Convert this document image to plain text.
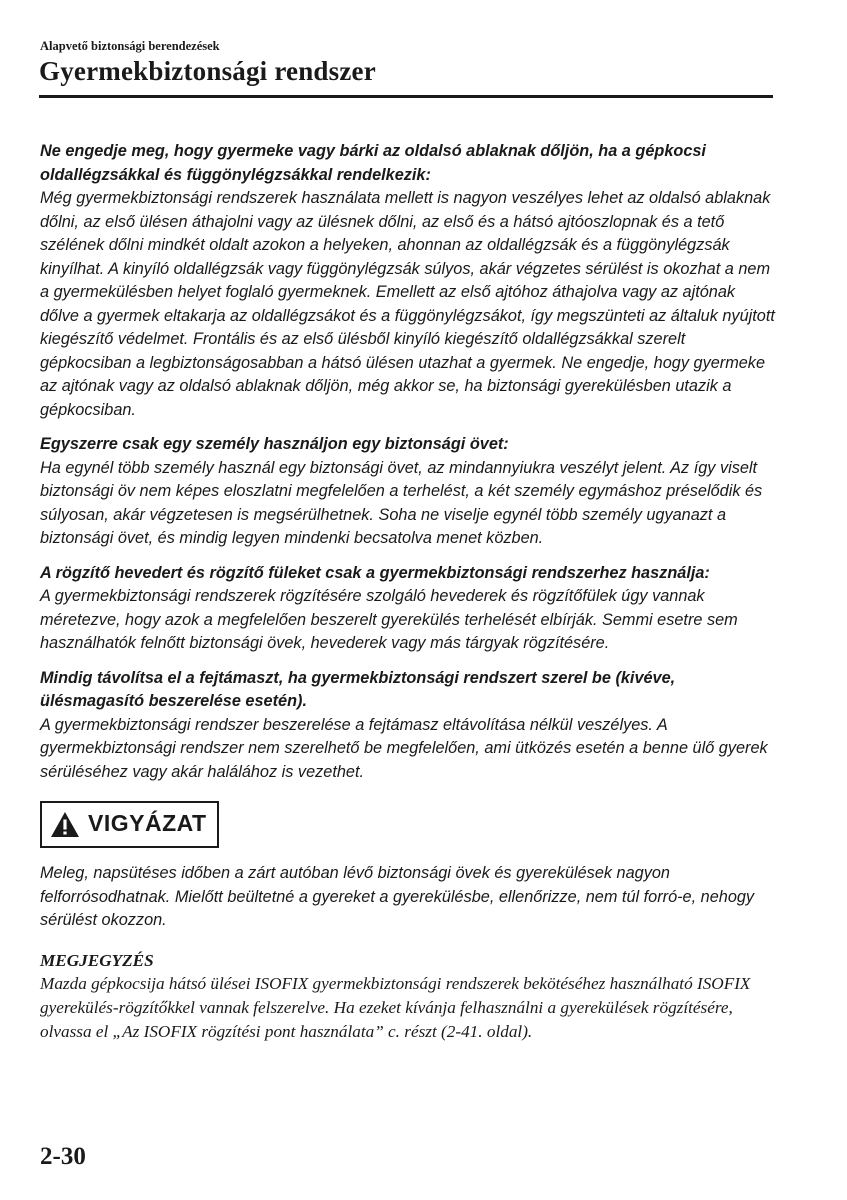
Alapvető biztonsági berendezések
Gyermekbiztonsági rendszer
Ne engedje meg, hogy gyermeke vagy bárki az oldalsó ablaknak dőljön, ha a gépkocsi oldallégzsákkal és függönylégzsákkal rendelkezik:
Még gyermekbiztonsági rendszerek használata mellett is nagyon veszélyes lehet az oldalsó ablaknak dőlni, az első ülésen áthajolni vagy az ülésnek dőlni, az első és a hátsó ajtóoszlopnak és a tető szélének dőlni mindkét oldalt azokon a helyeken, ahonnan az oldallégzsák és a függönylégzsák kinyílhat. A kinyíló oldallégzsák vagy függönylégzsák súlyos, akár végzetes sérülést is okozhat a nem a gyermekülésben helyet foglaló gyermeknek. Emellett az első ajtóhoz áthajolva vagy az ajtónak dőlve a gyermek eltakarja az oldallégzsákot és a függönylégzsákot, így megszünteti az általuk nyújtott kiegészítő védelmet. Frontális és az első ülésből kinyíló kiegészítő oldallégzsákkal szerelt gépkocsiban a legbiztonságosabban a hátsó ülésen utazhat a gyermek. Ne engedje, hogy gyermeke az ajtónak vagy az oldalsó ablaknak dőljön, még akkor se, ha biztonsági gyerekülésben utazik a gépkocsiban.
Egyszerre csak egy személy használjon egy biztonsági övet:
Ha egynél több személy használ egy biztonsági övet, az mindannyiukra veszélyt jelent. Az így viselt biztonsági öv nem képes eloszlatni megfelelően a terhelést, a két személy egymáshoz préselődik és súlyosan, akár végzetesen is megsérülhetnek. Soha ne viselje egynél több személy ugyanazt a biztonsági övet, és mindig legyen mindenki becsatolva menet közben.
A rögzítő hevedert és rögzítő füleket csak a gyermekbiztonsági rendszerhez használja:
A gyermekbiztonsági rendszerek rögzítésére szolgáló hevederek és rögzítőfülek úgy vannak méretezve, hogy azok a megfelelően beszerelt gyerekülés terhelését elbírják. Semmi esetre sem használhatók felnőtt biztonsági övek, hevederek vagy más tárgyak rögzítésére.
Mindig távolítsa el a fejtámaszt, ha gyermekbiztonsági rendszert szerel be (kivéve, ülésmagasító beszerelése esetén).
A gyermekbiztonsági rendszer beszerelése a fejtámasz eltávolítása nélkül veszélyes. A gyermekbiztonsági rendszer nem szerelhető be megfelelően, ami ütközés esetén a benne ülő gyerek sérüléséhez vagy akár halálához is vezethet.
VIGYÁZAT
Meleg, napsütéses időben a zárt autóban lévő biztonsági övek és gyerekülések nagyon felforrósodhatnak. Mielőtt beültetné a gyereket a gyerekülésbe, ellenőrizze, nem túl forró-e, nehogy sérülést okozzon.
MEGJEGYZÉS
Mazda gépkocsija hátsó ülései ISOFIX gyermekbiztonsági rendszerek bekötéséhez használható ISOFIX gyerekülés-rögzítőkkel vannak felszerelve. Ha ezeket kívánja felhasználni a gyerekülések rögzítésére, olvassa el „Az ISOFIX rögzítési pont használata” c. részt (2-41. oldal).
2-30
